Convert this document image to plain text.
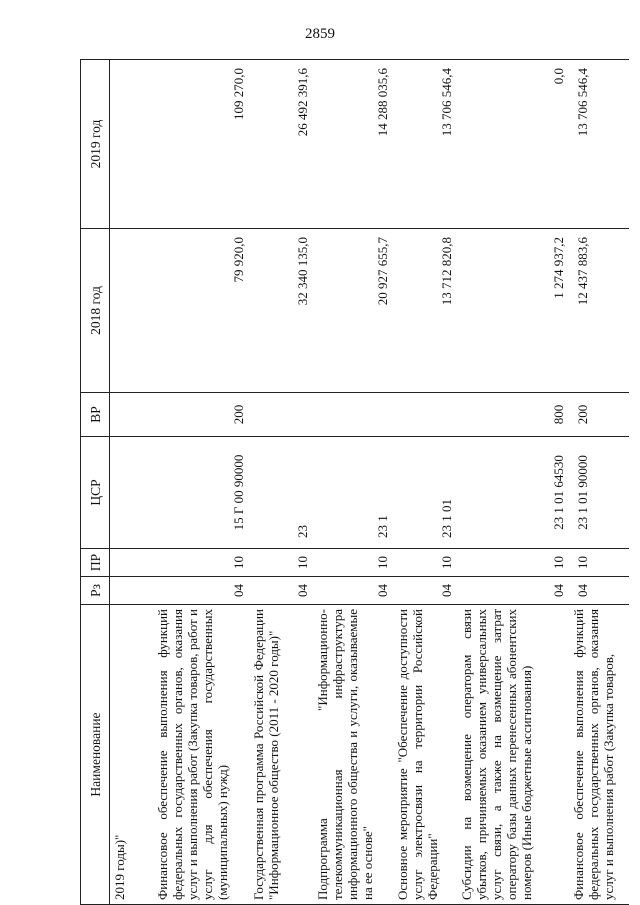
2859
Наименование	Рз	ПР	ЦСР	ВР	2018 год	2019 год
2019 годы)"						
Финансовое обеспечение выполнения функций федеральных государственных органов, оказания услуг и выполнения работ (Закупка товаров, работ и услуг для обеспечения государственных (муниципальных) нужд)	04	10	15 Г 00 90000	200	79 920,0	109 270,0
Государственная программа Российской Федерации "Информационное общество (2011 - 2020 годы)"	04	10	23		32 340 135,0	26 492 391,6
Подпрограмма "Информационно-телекоммуникационная инфраструктура информационного общества и услуги, оказываемые на ее основе"	04	10	23 1		20 927 655,7	14 288 035,6
Основное мероприятие "Обеспечение доступности услуг электросвязи на территории Российской Федерации"	04	10	23 1 01		13 712 820,8	13 706 546,4
Субсидии на возмещение операторам связи убытков, причиняемых оказанием универсальных услуг связи, а также на возмещение затрат оператору базы данных перенесенных абонентских номеров (Иные бюджетные ассигнования)	04	10	23 1 01 64530	800	1 274 937,2	0,0
Финансовое обеспечение выполнения функций федеральных государственных органов, оказания услуг и выполнения работ (Закупка товаров,	04	10	23 1 01 90000	200	12 437 883,6	13 706 546,4
